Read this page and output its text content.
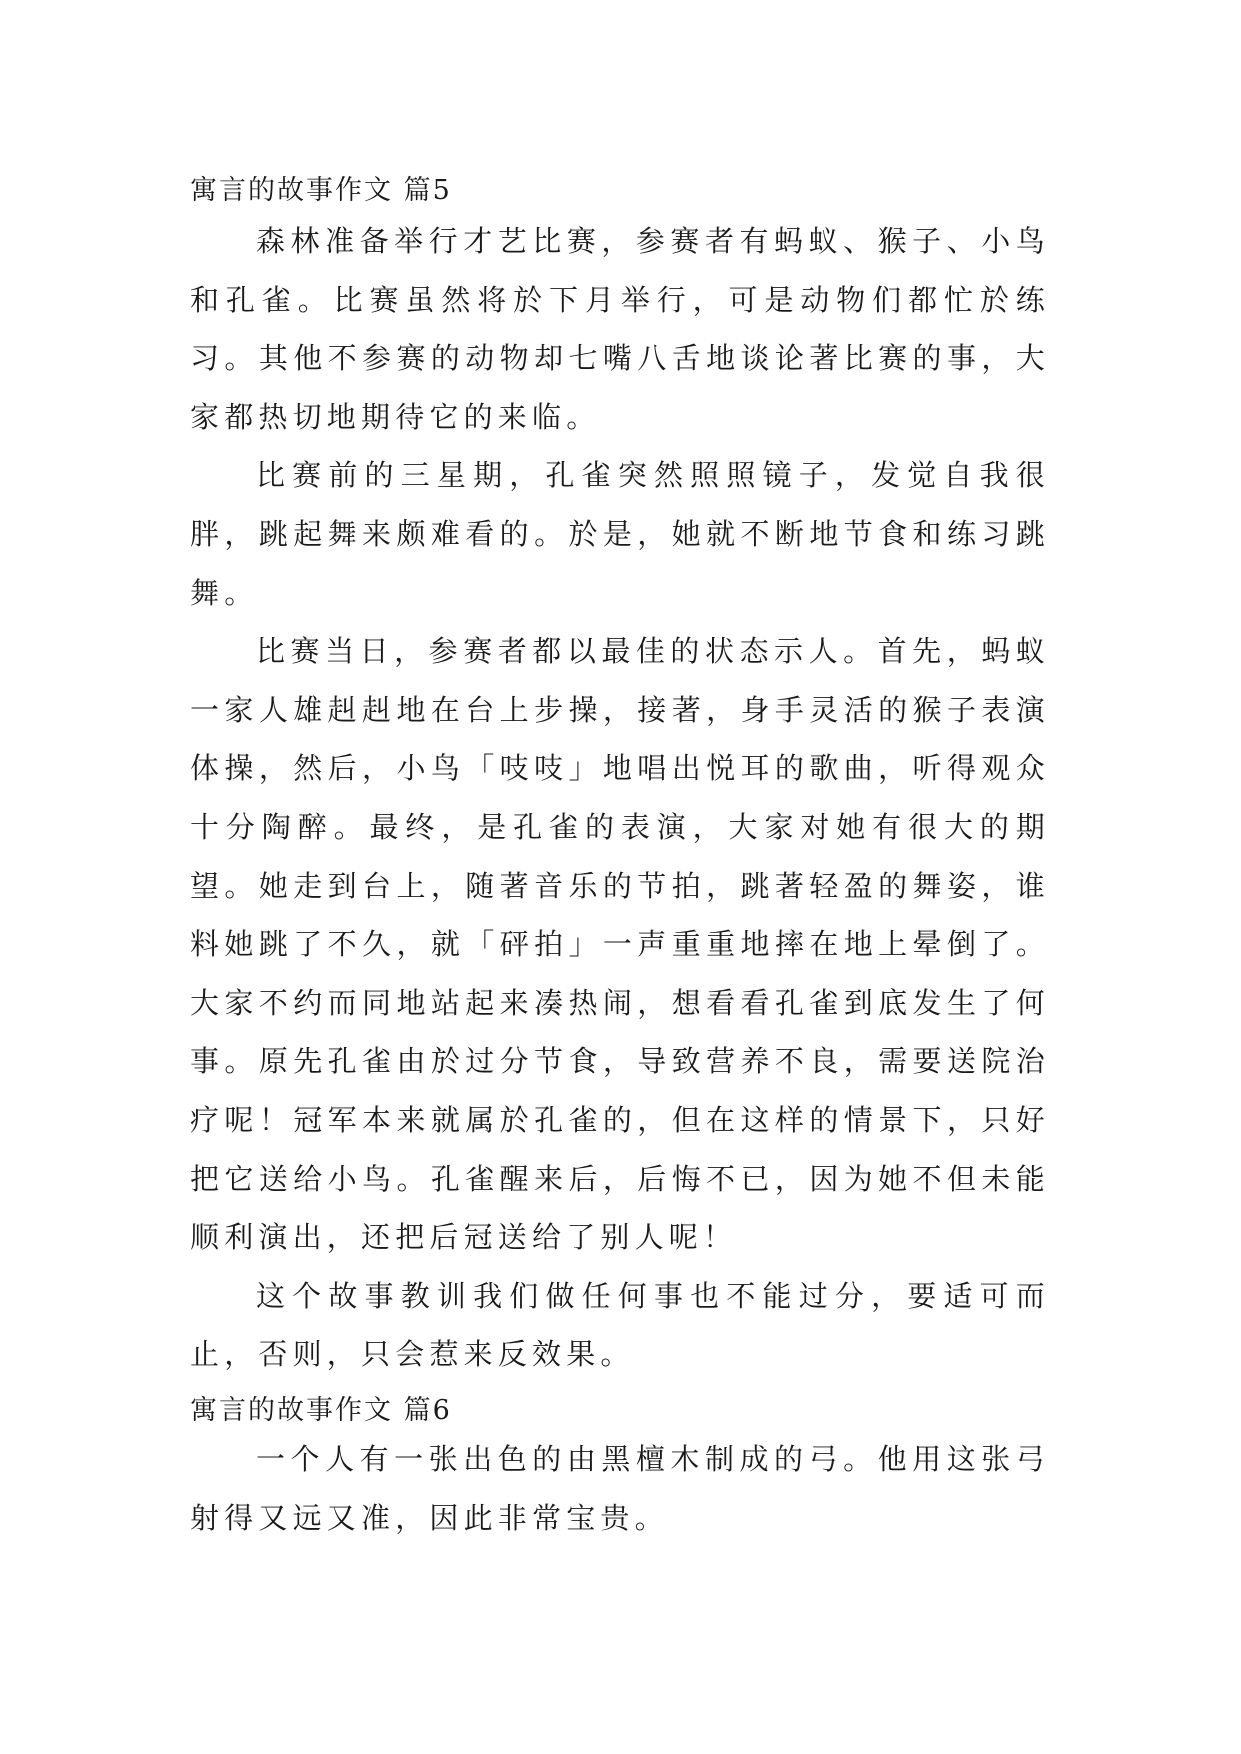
寓言的故事作文 篇5

森林准备举行才艺比赛，参赛者有蚂蚁、猴子、小鸟和孔雀。比赛虽然将於下月举行，可是动物们都忙於练习。其他不参赛的动物却七嘴八舌地谈论著比赛的事，大家都热切地期待它的来临。

比赛前的三星期，孔雀突然照照镜子，发觉自我很胖，跳起舞来颇难看的。於是，她就不断地节食和练习跳舞。

比赛当日，参赛者都以最佳的状态示人。首先，蚂蚁一家人雄赳赳地在台上步操，接著，身手灵活的猴子表演体操，然后，小鸟「吱吱」地唱出悦耳的歌曲，听得观众十分陶醉。最终，是孔雀的表演，大家对她有很大的期望。她走到台上，随著音乐的节拍，跳著轻盈的舞姿，谁料她跳了不久，就「砰拍」一声重重地摔在地上晕倒了。大家不约而同地站起来凑热闹，想看看孔雀到底发生了何事。原先孔雀由於过分节食，导致营养不良，需要送院治疗呢！冠军本来就属於孔雀的，但在这样的情景下，只好把它送给小鸟。孔雀醒来后，后悔不已，因为她不但未能顺利演出，还把后冠送给了别人呢！

这个故事教训我们做任何事也不能过分，要适可而止，否则，只会惹来反效果。

寓言的故事作文 篇6

一个人有一张出色的由黑檀木制成的弓。他用这张弓射得又远又准，因此非常宝贵。
